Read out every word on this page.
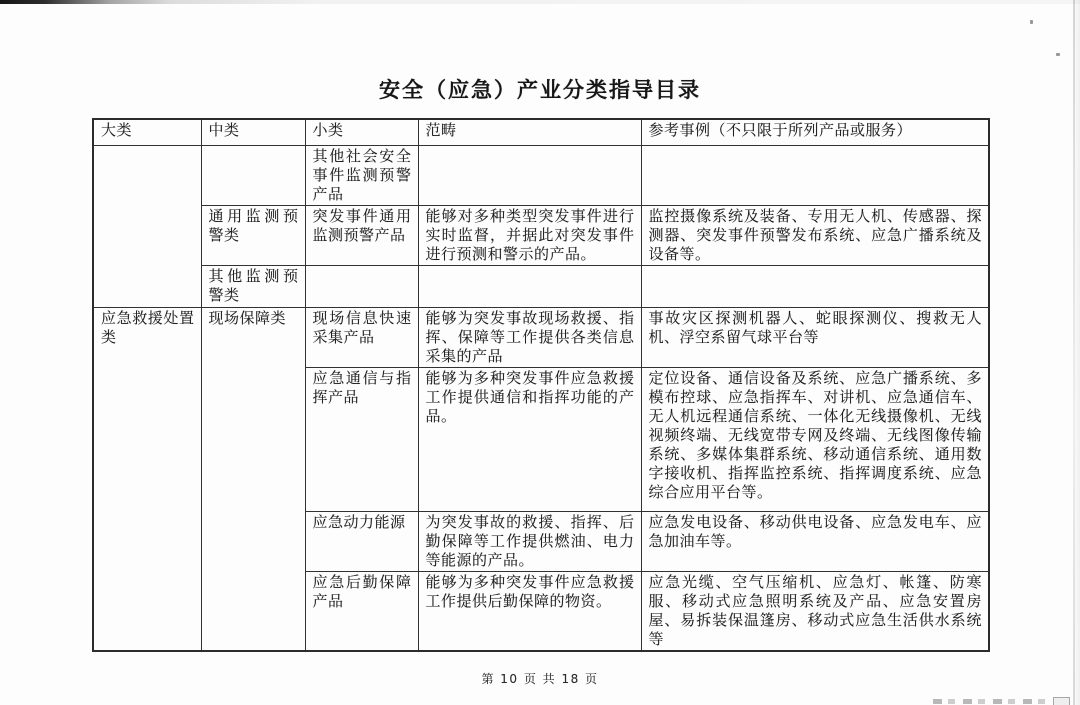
安全（应急）产业分类指导目录
大类	中类	小类	范畴	参考事例（不只限于所列产品或服务）
		其他社会安全事件监测预警产品		
	通用监测预警类	突发事件通用监测预警产品	能够对多种类型突发事件进行实时监督，并据此对突发事件进行预测和警示的产品。	监控摄像系统及装备、专用无人机、传感器、探测器、突发事件预警发布系统、应急广播系统及设备等。
	其他监测预警类			
应急救援处置类	现场保障类	现场信息快速采集产品	能够为突发事故现场救援、指挥、保障等工作提供各类信息采集的产品	事故灾区探测机器人、蛇眼探测仪、搜救无人机、浮空系留气球平台等
		应急通信与指挥产品	能够为多种突发事件应急救援工作提供通信和指挥功能的产品。	定位设备、通信设备及系统、应急广播系统、多模布控球、应急指挥车、对讲机、应急通信车、无人机远程通信系统、一体化无线摄像机、无线视频终端、无线宽带专网及终端、无线图像传输系统、多媒体集群系统、移动通信系统、通用数字接收机、指挥监控系统、指挥调度系统、应急综合应用平台等。
		应急动力能源	为突发事故的救援、指挥、后勤保障等工作提供燃油、电力等能源的产品。	应急发电设备、移动供电设备、应急发电车、应急加油车等。
		应急后勤保障产品	能够为多种突发事件应急救援工作提供后勤保障的物资。	应急光缆、空气压缩机、应急灯、帐篷、防寒服、移动式应急照明系统及产品、应急安置房屋、易拆装保温篷房、移动式应急生活供水系统等
第 10 页 共 18 页
